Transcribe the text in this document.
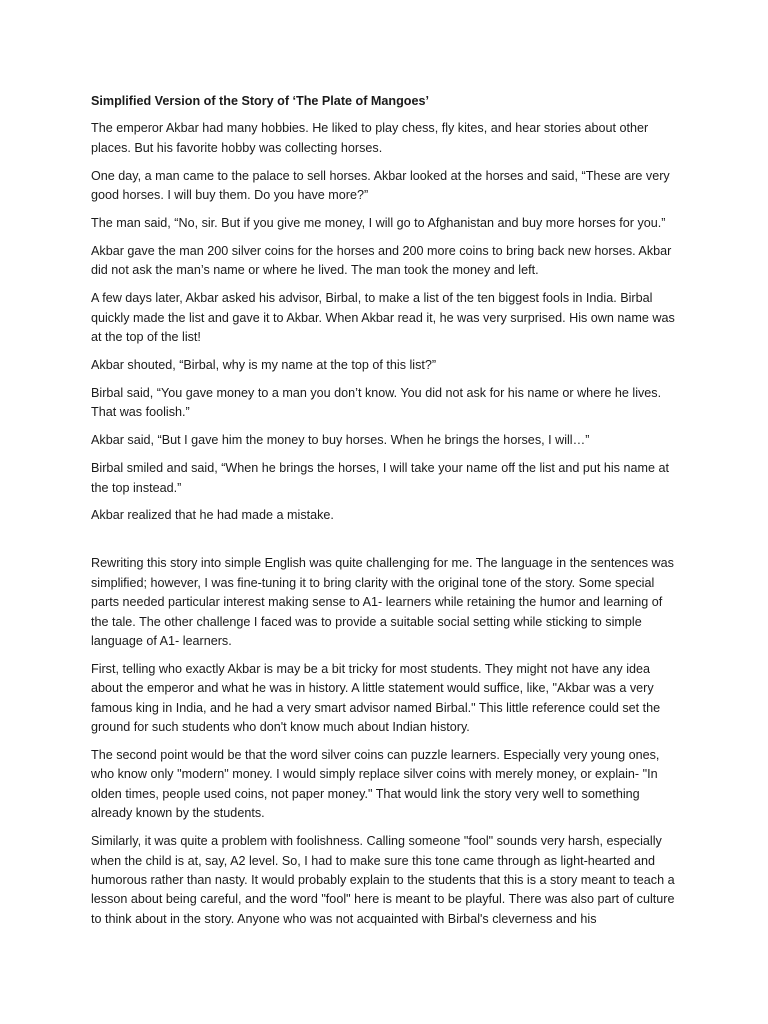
Simplified Version of the Story of ‘The Plate of Mangoes’

The emperor Akbar had many hobbies. He liked to play chess, fly kites, and hear stories about other places. But his favorite hobby was collecting horses.

One day, a man came to the palace to sell horses. Akbar looked at the horses and said, “These are very good horses. I will buy them. Do you have more?”

The man said, “No, sir. But if you give me money, I will go to Afghanistan and buy more horses for you.”

Akbar gave the man 200 silver coins for the horses and 200 more coins to bring back new horses. Akbar did not ask the man’s name or where he lived. The man took the money and left.

A few days later, Akbar asked his advisor, Birbal, to make a list of the ten biggest fools in India. Birbal quickly made the list and gave it to Akbar. When Akbar read it, he was very surprised. His own name was at the top of the list!

Akbar shouted, “Birbal, why is my name at the top of this list?”

Birbal said, “You gave money to a man you don’t know. You did not ask for his name or where he lives. That was foolish.”

Akbar said, “But I gave him the money to buy horses. When he brings the horses, I will…”

Birbal smiled and said, “When he brings the horses, I will take your name off the list and put his name at the top instead.”

Akbar realized that he had made a mistake.

Rewriting this story into simple English was quite challenging for me. The language in the sentences was simplified; however, I was fine-tuning it to bring clarity with the original tone of the story. Some special parts needed particular interest making sense to A1- learners while retaining the humor and learning of the tale. The other challenge I faced was to provide a suitable social setting while sticking to simple language of A1- learners.

First, telling who exactly Akbar is may be a bit tricky for most students. They might not have any idea about the emperor and what he was in history. A little statement would suffice, like, "Akbar was a very famous king in India, and he had a very smart advisor named Birbal." This little reference could set the ground for such students who don't know much about Indian history.

The second point would be that the word silver coins can puzzle learners. Especially very young ones, who know only "modern" money. I would simply replace silver coins with merely money, or explain- "In olden times, people used coins, not paper money." That would link the story very well to something already known by the students.

Similarly, it was quite a problem with foolishness. Calling someone "fool" sounds very harsh, especially when the child is at, say, A2 level. So, I had to make sure this tone came through as light-hearted and humorous rather than nasty. It would probably explain to the students that this is a story meant to teach a lesson about being careful, and the word "fool" here is meant to be playful. There was also part of culture to think about in the story. Anyone who was not acquainted with Birbal's cleverness and his
